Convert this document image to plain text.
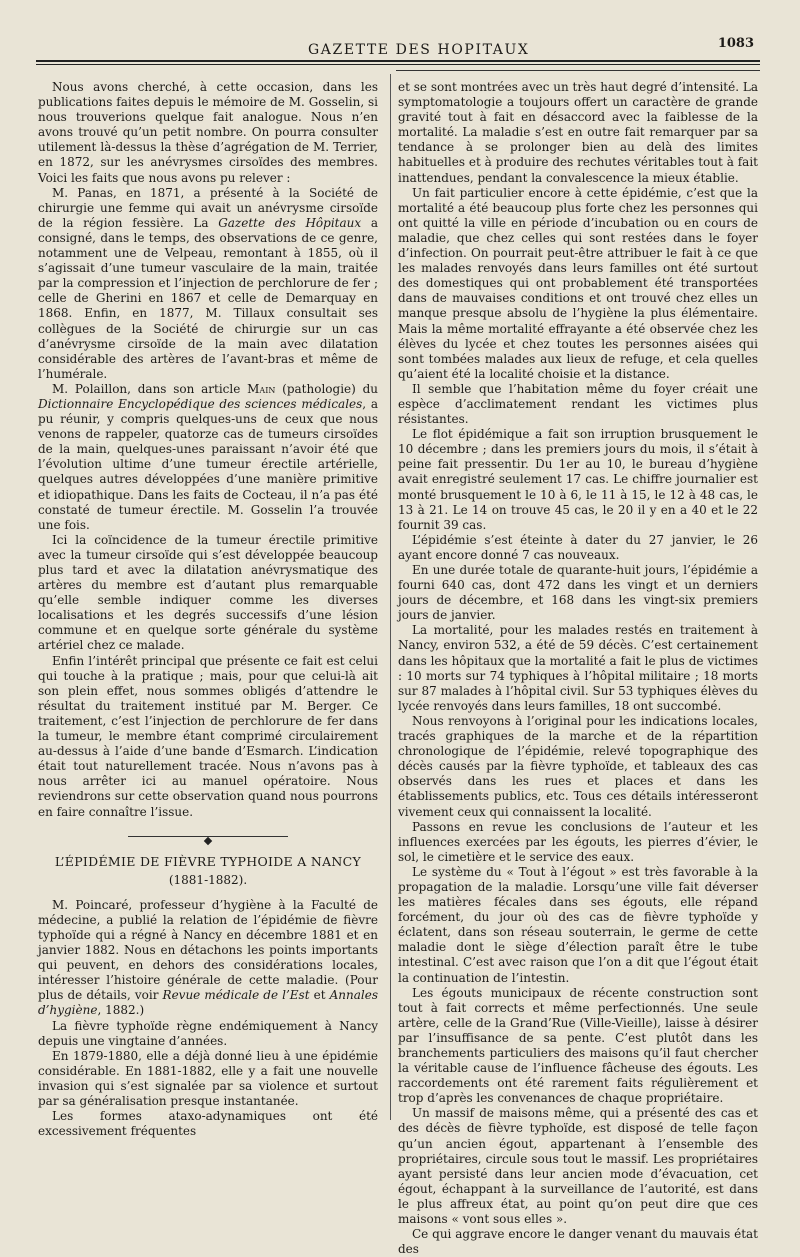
GAZETTE DES HOPITAUX	1083

Nous avons cherché, à cette occasion, dans les publications faites depuis le mémoire de M. Gosselin, si nous trouverions quelque fait analogue. Nous n’en avons trouvé qu’un petit nombre. On pourra consulter utilement là-dessus la thèse d’agrégation de M. Terrier, en 1872, sur les anévrysmes cirsoïdes des membres. Voici les faits que nous avons pu relever :

M. Panas, en 1871, a présenté à la Société de chirurgie une femme qui avait un anévrysme cirsoïde de la région fessière. La Gazette des Hôpitaux a consigné, dans le temps, des observations de ce genre, notamment une de Velpeau, remontant à 1855, où il s’agissait d’une tumeur vasculaire de la main, traitée par la compression et l’injection de perchlorure de fer ; celle de Gherini en 1867 et celle de Demarquay en 1868. Enfin, en 1877, M. Tillaux consultait ses collègues de la Société de chirurgie sur un cas d’anévrysme cirsoïde de la main avec dilatation considérable des artères de l’avant-bras et même de l’humérale.

M. Polaillon, dans son article Main (pathologie) du Dictionnaire Encyclopédique des sciences médicales, a pu réunir, y compris quelques-uns de ceux que nous venons de rappeler, quatorze cas de tumeurs cirsoïdes de la main, quelques-unes paraissant n’avoir été que l’évolution ultime d’une tumeur érectile artérielle, quelques autres développées d’une manière primitive et idiopathique. Dans les faits de Cocteau, il n’a pas été constaté de tumeur érectile. M. Gosselin l’a trouvée une fois.

Ici la coïncidence de la tumeur érectile primitive avec la tumeur cirsoïde qui s’est développée beaucoup plus tard et avec la dilatation anévrysmatique des artères du membre est d’autant plus remarquable qu’elle semble indiquer comme les diverses localisations et les degrés successifs d’une lésion commune et en quelque sorte générale du système artériel chez ce malade.

Enfin l’intérêt principal que présente ce fait est celui qui touche à la pratique ; mais, pour que celui-là ait son plein effet, nous sommes obligés d’attendre le résultat du traitement institué par M. Berger. Ce traitement, c’est l’injection de perchlorure de fer dans la tumeur, le membre étant comprimé circulairement au-dessus à l’aide d’une bande d’Esmarch. L’indication était tout naturellement tracée. Nous n’avons pas à nous arrêter ici au manuel opératoire. Nous reviendrons sur cette observation quand nous pourrons en faire connaître l’issue.

L’ÉPIDÉMIE DE FIÈVRE TYPHOIDE A NANCY
(1881-1882).

M. Poincaré, professeur d’hygiène à la Faculté de médecine, a publié la relation de l’épidémie de fièvre typhoïde qui a régné à Nancy en décembre 1881 et en janvier 1882. Nous en détachons les points importants qui peuvent, en dehors des considérations locales, intéresser l’histoire générale de cette maladie. (Pour plus de détails, voir Revue médicale de l’Est et Annales d’hygiène, 1882.)

La fièvre typhoïde règne endémiquement à Nancy depuis une vingtaine d’années.

En 1879-1880, elle a déjà donné lieu à une épidémie considérable. En 1881-1882, elle y a fait une nouvelle invasion qui s’est signalée par sa violence et surtout par sa généralisation presque instantanée.

Les formes ataxo-adynamiques ont été excessivement fréquentes

et se sont montrées avec un très haut degré d’intensité. La symptomatologie a toujours offert un caractère de grande gravité tout à fait en désaccord avec la faiblesse de la mortalité. La maladie s’est en outre fait remarquer par sa tendance à se prolonger bien au delà des limites habituelles et à produire des rechutes véritables tout à fait inattendues, pendant la convalescence la mieux établie.

Un fait particulier encore à cette épidémie, c’est que la mortalité a été beaucoup plus forte chez les personnes qui ont quitté la ville en période d’incubation ou en cours de maladie, que chez celles qui sont restées dans le foyer d’infection. On pourrait peut-être attribuer le fait à ce que les malades renvoyés dans leurs familles ont été surtout des domestiques qui ont probablement été transportées dans de mauvaises conditions et ont trouvé chez elles un manque presque absolu de l’hygiène la plus élémentaire. Mais la même mortalité effrayante a été observée chez les élèves du lycée et chez toutes les personnes aisées qui sont tombées malades aux lieux de refuge, et cela quelles qu’aient été la localité choisie et la distance.

Il semble que l’habitation même du foyer créait une espèce d’acclimatement rendant les victimes plus résistantes.

Le flot épidémique a fait son irruption brusquement le 10 décembre ; dans les premiers jours du mois, il s’était à peine fait pressentir. Du 1er au 10, le bureau d’hygiène avait enregistré seulement 17 cas. Le chiffre journalier est monté brusquement le 10 à 6, le 11 à 15, le 12 à 48 cas, le 13 à 21. Le 14 on trouve 45 cas, le 20 il y en a 40 et le 22 fournit 39 cas.

L’épidémie s’est éteinte à dater du 27 janvier, le 26 ayant encore donné 7 cas nouveaux.

En une durée totale de quarante-huit jours, l’épidémie a fourni 640 cas, dont 472 dans les vingt et un derniers jours de décembre, et 168 dans les vingt-six premiers jours de janvier.

La mortalité, pour les malades restés en traitement à Nancy, environ 532, a été de 59 décès. C’est certainement dans les hôpitaux que la mortalité a fait le plus de victimes : 10 morts sur 74 typhiques à l’hôpital militaire ; 18 morts sur 87 malades à l’hôpital civil. Sur 53 typhiques élèves du lycée renvoyés dans leurs familles, 18 ont succombé.

Nous renvoyons à l’original pour les indications locales, tracés graphiques de la marche et de la répartition chronologique de l’épidémie, relevé topographique des décès causés par la fièvre typhoïde, et tableaux des cas observés dans les rues et places et dans les établissements publics, etc. Tous ces détails intéresseront vivement ceux qui connaissent la localité.

Passons en revue les conclusions de l’auteur et les influences exercées par les égouts, les pierres d’évier, le sol, le cimetière et le service des eaux.

Le système du « Tout à l’égout » est très favorable à la propagation de la maladie. Lorsqu’une ville fait déverser les matières fécales dans ses égouts, elle répand forcément, du jour où des cas de fièvre typhoïde y éclatent, dans son réseau souterrain, le germe de cette maladie dont le siège d’élection paraît être le tube intestinal. C’est avec raison que l’on a dit que l’égout était la continuation de l’intestin.

Les égouts municipaux de récente construction sont tout à fait corrects et même perfectionnés. Une seule artère, celle de la Grand’Rue (Ville-Vieille), laisse à désirer par l’insuffisance de sa pente. C’est plutôt dans les branchements particuliers des maisons qu’il faut chercher la véritable cause de l’influence fâcheuse des égouts. Les raccordements ont été rarement faits régulièrement et trop d’après les convenances de chaque propriétaire.

Un massif de maisons même, qui a présenté des cas et des décès de fièvre typhoïde, est disposé de telle façon qu’un ancien égout, appartenant à l’ensemble des propriétaires, circule sous tout le massif. Les propriétaires ayant persisté dans leur ancien mode d’évacuation, cet égout, échappant à la surveillance de l’autorité, est dans le plus affreux état, au point qu’on peut dire que ces maisons « vont sous elles ».

Ce qui aggrave encore le danger venant du mauvais état des
